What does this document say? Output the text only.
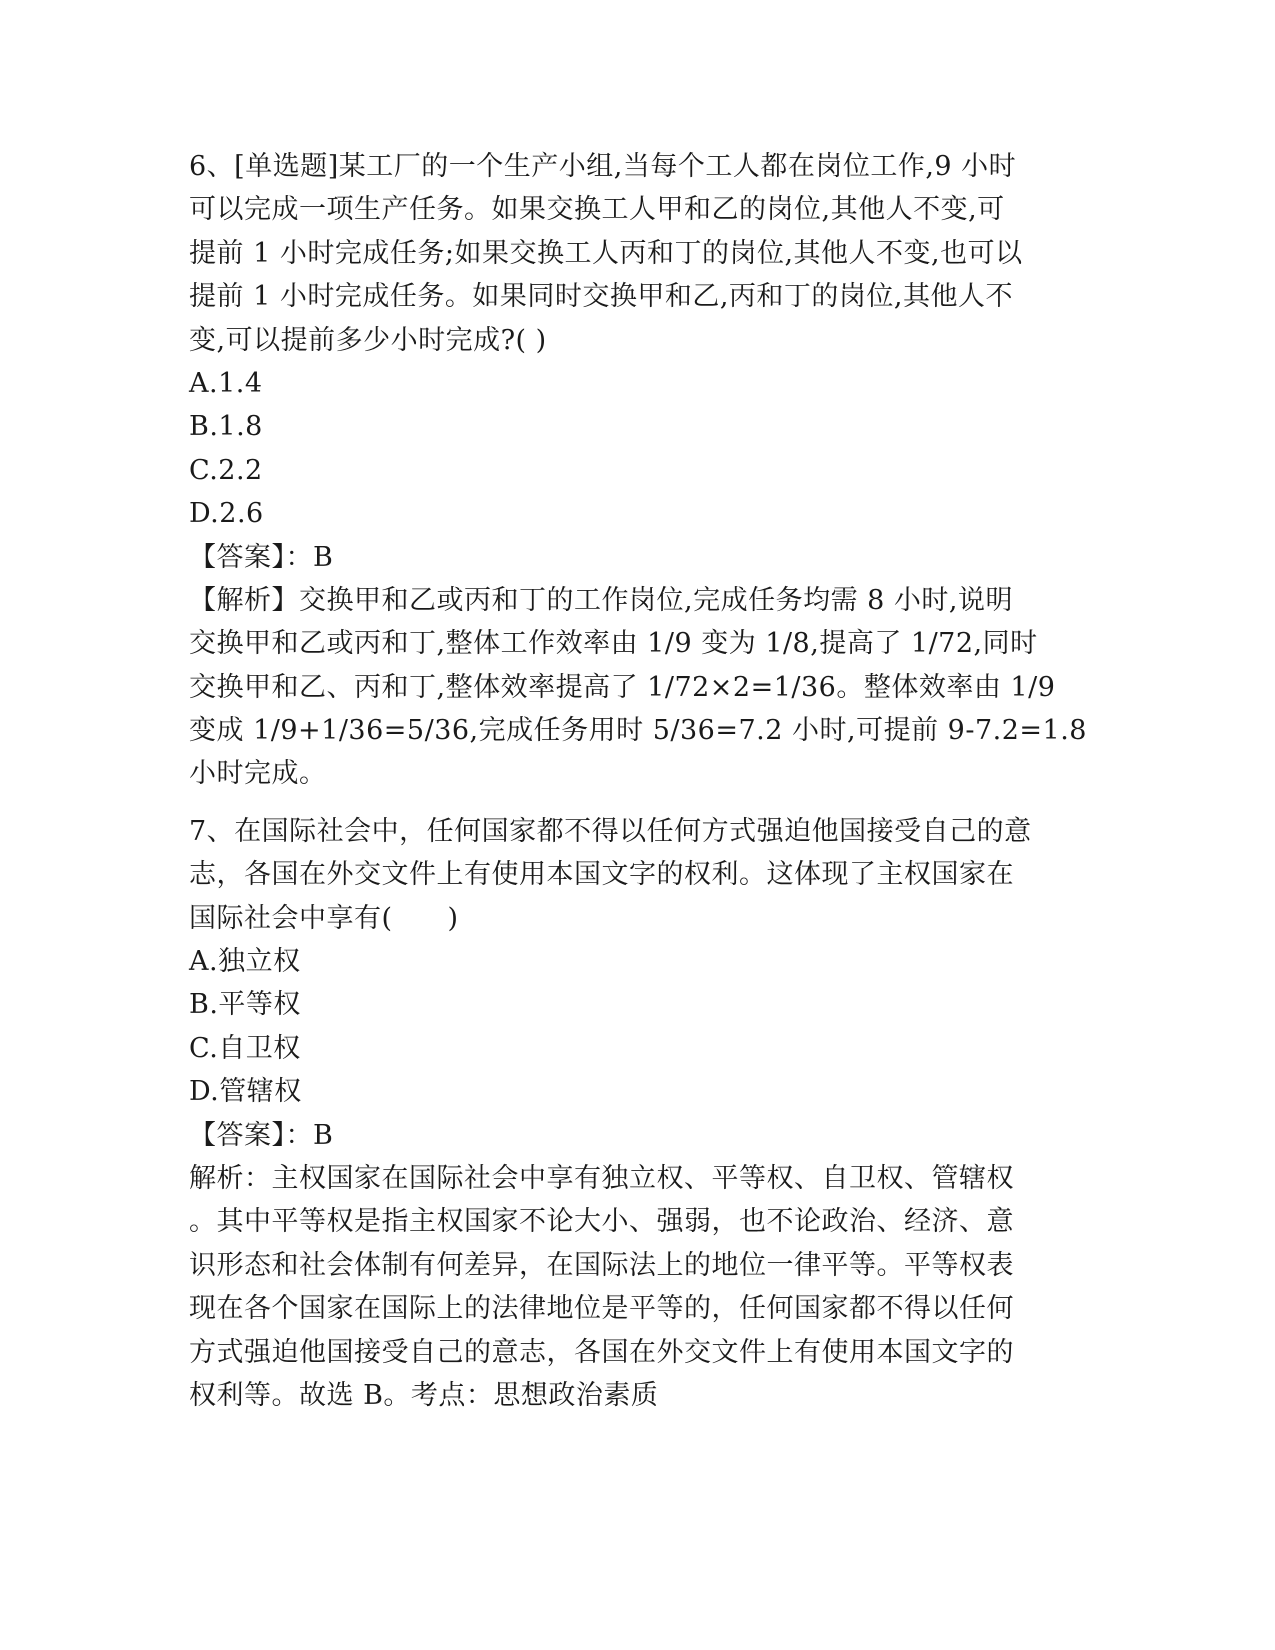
6、[单选题]某工厂的一个生产小组,当每个工人都在岗位工作,9 小时
可以完成一项生产任务。如果交换工人甲和乙的岗位,其他人不变,可
提前 1 小时完成任务;如果交换工人丙和丁的岗位,其他人不变,也可以
提前 1 小时完成任务。如果同时交换甲和乙,丙和丁的岗位,其他人不
变,可以提前多少小时完成?( )
A.1.4
B.1.8
C.2.2
D.2.6
【答案】：B
【解析】交换甲和乙或丙和丁的工作岗位,完成任务均需 8 小时,说明
交换甲和乙或丙和丁,整体工作效率由 1/9 变为 1/8,提高了 1/72,同时
交换甲和乙、丙和丁,整体效率提高了 1/72×2=1/36。整体效率由 1/9
变成 1/9+1/36=5/36,完成任务用时 5/36=7.2 小时,可提前 9-7.2=1.8
小时完成。
7、在国际社会中，任何国家都不得以任何方式强迫他国接受自己的意
志，各国在外交文件上有使用本国文字的权利。这体现了主权国家在
国际社会中享有(　　)
A.独立权
B.平等权
C.自卫权
D.管辖权
【答案】：B
解析：主权国家在国际社会中享有独立权、平等权、自卫权、管辖权
。其中平等权是指主权国家不论大小、强弱，也不论政治、经济、意
识形态和社会体制有何差异，在国际法上的地位一律平等。平等权表
现在各个国家在国际上的法律地位是平等的，任何国家都不得以任何
方式强迫他国接受自己的意志，各国在外交文件上有使用本国文字的
权利等。故选 B。考点：思想政治素质
